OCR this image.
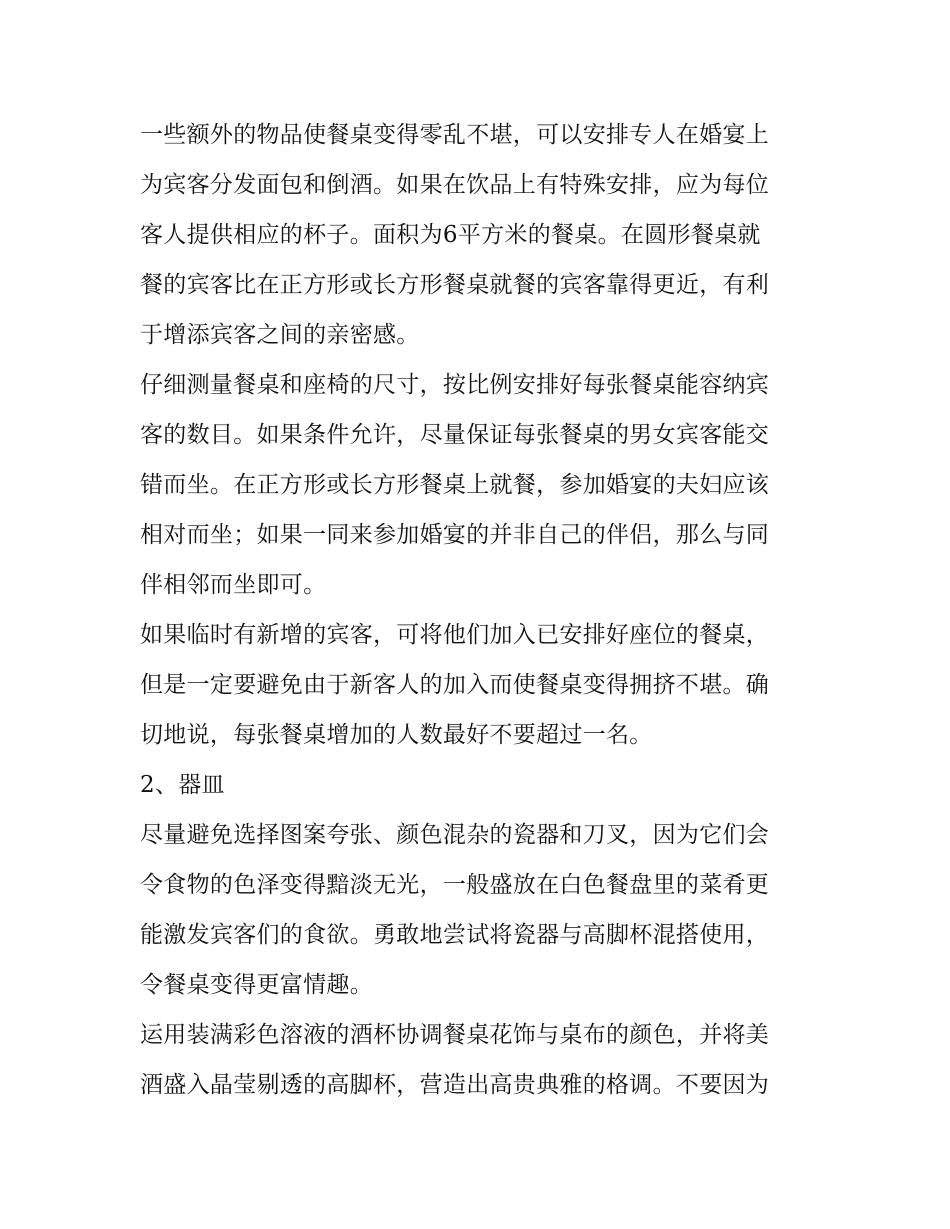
一些额外的物品使餐桌变得零乱不堪，可以安排专人在婚宴上
为宾客分发面包和倒酒。如果在饮品上有特殊安排，应为每位
客人提供相应的杯子。面积为6平方米的餐桌。在圆形餐桌就
餐的宾客比在正方形或长方形餐桌就餐的宾客靠得更近，有利
于增添宾客之间的亲密感。
仔细测量餐桌和座椅的尺寸，按比例安排好每张餐桌能容纳宾
客的数目。如果条件允许，尽量保证每张餐桌的男女宾客能交
错而坐。在正方形或长方形餐桌上就餐，参加婚宴的夫妇应该
相对而坐；如果一同来参加婚宴的并非自己的伴侣，那么与同
伴相邻而坐即可。
如果临时有新增的宾客，可将他们加入已安排好座位的餐桌，
但是一定要避免由于新客人的加入而使餐桌变得拥挤不堪。确
切地说，每张餐桌增加的人数最好不要超过一名。
2、器皿
尽量避免选择图案夸张、颜色混杂的瓷器和刀叉，因为它们会
令食物的色泽变得黯淡无光，一般盛放在白色餐盘里的菜肴更
能激发宾客们的食欲。勇敢地尝试将瓷器与高脚杯混搭使用，
令餐桌变得更富情趣。
运用装满彩色溶液的酒杯协调餐桌花饰与桌布的颜色，并将美
酒盛入晶莹剔透的高脚杯，营造出高贵典雅的格调。不要因为
